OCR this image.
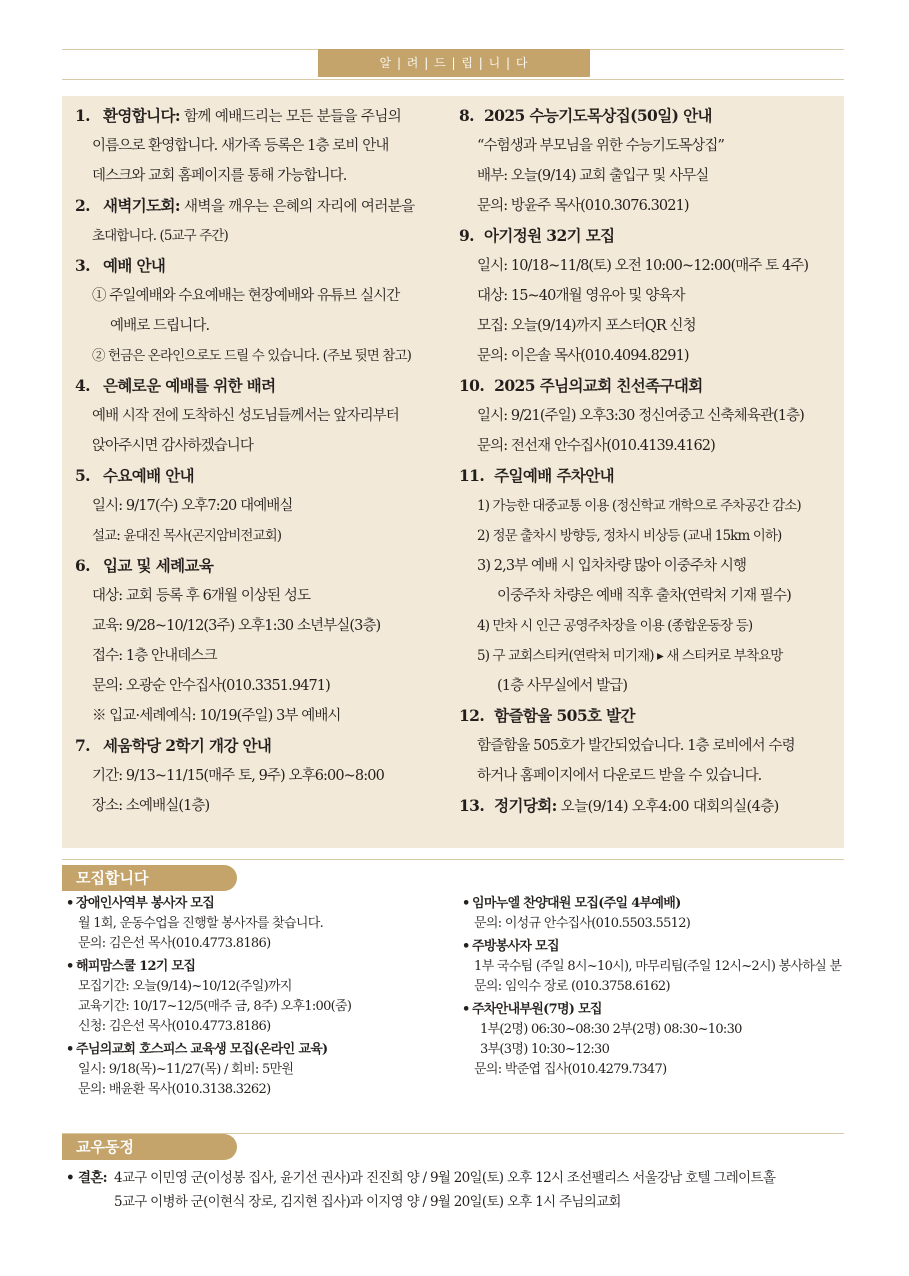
알 | 려 | 드 | 립 | 니 | 다
1. 환영합니다: 함께 예배드리는 모든 분들을 주님의
이름으로 환영합니다. 새가족 등록은 1층 로비 안내
데스크와 교회 홈페이지를 통해 가능합니다.
2. 새벽기도회: 새벽을 깨우는 은혜의 자리에 여러분을
초대합니다. (5교구 주간)
3. 예배 안내
① 주일예배와 수요예배는 현장예배와 유튜브 실시간
예배로 드립니다.
② 헌금은 온라인으로도 드릴 수 있습니다. (주보 뒷면 참고)
4. 은혜로운 예배를 위한 배려
예배 시작 전에 도착하신 성도님들께서는 앞자리부터
앉아주시면 감사하겠습니다
5. 수요예배 안내
일시: 9/17(수) 오후7:20 대예배실
설교: 윤대진 목사(곤지암비전교회)
6. 입교 및 세례교육
대상: 교회 등록 후 6개월 이상된 성도
교육: 9/28~10/12(3주) 오후1:30 소년부실(3층)
접수: 1층 안내데스크
문의: 오광순 안수집사(010.3351.9471)
※ 입교·세례예식: 10/19(주일) 3부 예배시
7. 세움학당 2학기 개강 안내
기간: 9/13~11/15(매주 토, 9주) 오후6:00~8:00
장소: 소예배실(1층)
8. 2025 수능기도목상집(50일) 안내
“수험생과 부모님을 위한 수능기도목상집”
배부: 오늘(9/14) 교회 출입구 및 사무실
문의: 방윤주 목사(010.3076.3021)
9. 아기정원 32기 모집
일시: 10/18~11/8(토) 오전 10:00~12:00(매주 토 4주)
대상: 15~40개월 영유아 및 양육자
모집: 오늘(9/14)까지 포스터QR 신청
문의: 이은솔 목사(010.4094.8291)
10. 2025 주님의교회 친선족구대회
일시: 9/21(주일) 오후3:30 정신여중고 신축체육관(1층)
문의: 전선재 안수집사(010.4139.4162)
11. 주일예배 주차안내
1) 가능한 대중교통 이용 (정신학교 개학으로 주차공간 감소)
2) 정문 출차시 방향등, 정차시 비상등 (교내 15km 이하)
3) 2,3부 예배 시 입차차량 많아 이중주차 시행
이중주차 차량은 예배 직후 출차(연락처 기재 필수)
4) 만차 시 인근 공영주차장을 이용 (종합운동장 등)
5) 구 교회스티커(연락처 미기재) ▸ 새 스티커로 부착요망
(1층 사무실에서 발급)
12. 함즐함울 505호 발간
함즐함울 505호가 발간되었습니다. 1층 로비에서 수령
하거나 홈페이지에서 다운로드 받을 수 있습니다.
13. 정기당회: 오늘(9/14) 오후4:00 대회의실(4층)
모집합니다
• 장애인사역부 봉사자 모집
월 1회, 운동수업을 진행할 봉사자를 찾습니다.
문의: 김은선 목사(010.4773.8186)
• 해피맘스쿨 12기 모집
모집기간: 오늘(9/14)~10/12(주일)까지
교육기간: 10/17~12/5(매주 금, 8주) 오후1:00(줌)
신청: 김은선 목사(010.4773.8186)
• 주님의교회 호스피스 교육생 모집(온라인 교육)
일시: 9/18(목)~11/27(목) / 회비: 5만원
문의: 배윤환 목사(010.3138.3262)
• 임마누엘 찬양대원 모집(주일 4부예배)
문의: 이성규 안수집사(010.5503.5512)
• 주방봉사자 모집
1부 국수팀 (주일 8시~10시), 마무리팀(주일 12시~2시) 봉사하실 분
문의: 임익수 장로 (010.3758.6162)
• 주차안내부원(7명) 모집
1부(2명) 06:30~08:30 2부(2명) 08:30~10:30
3부(3명) 10:30~12:30
문의: 박준엽 집사(010.4279.7347)
교우동정
• 결혼: 4교구 이민영 군(이성봉 집사, 윤기선 권사)과 진진희 양 / 9월 20일(토) 오후 12시 조선팰리스 서울강남 호텔 그레이트홀
5교구 이병하 군(이현식 장로, 김지현 집사)과 이지영 양 / 9월 20일(토) 오후 1시 주님의교회
